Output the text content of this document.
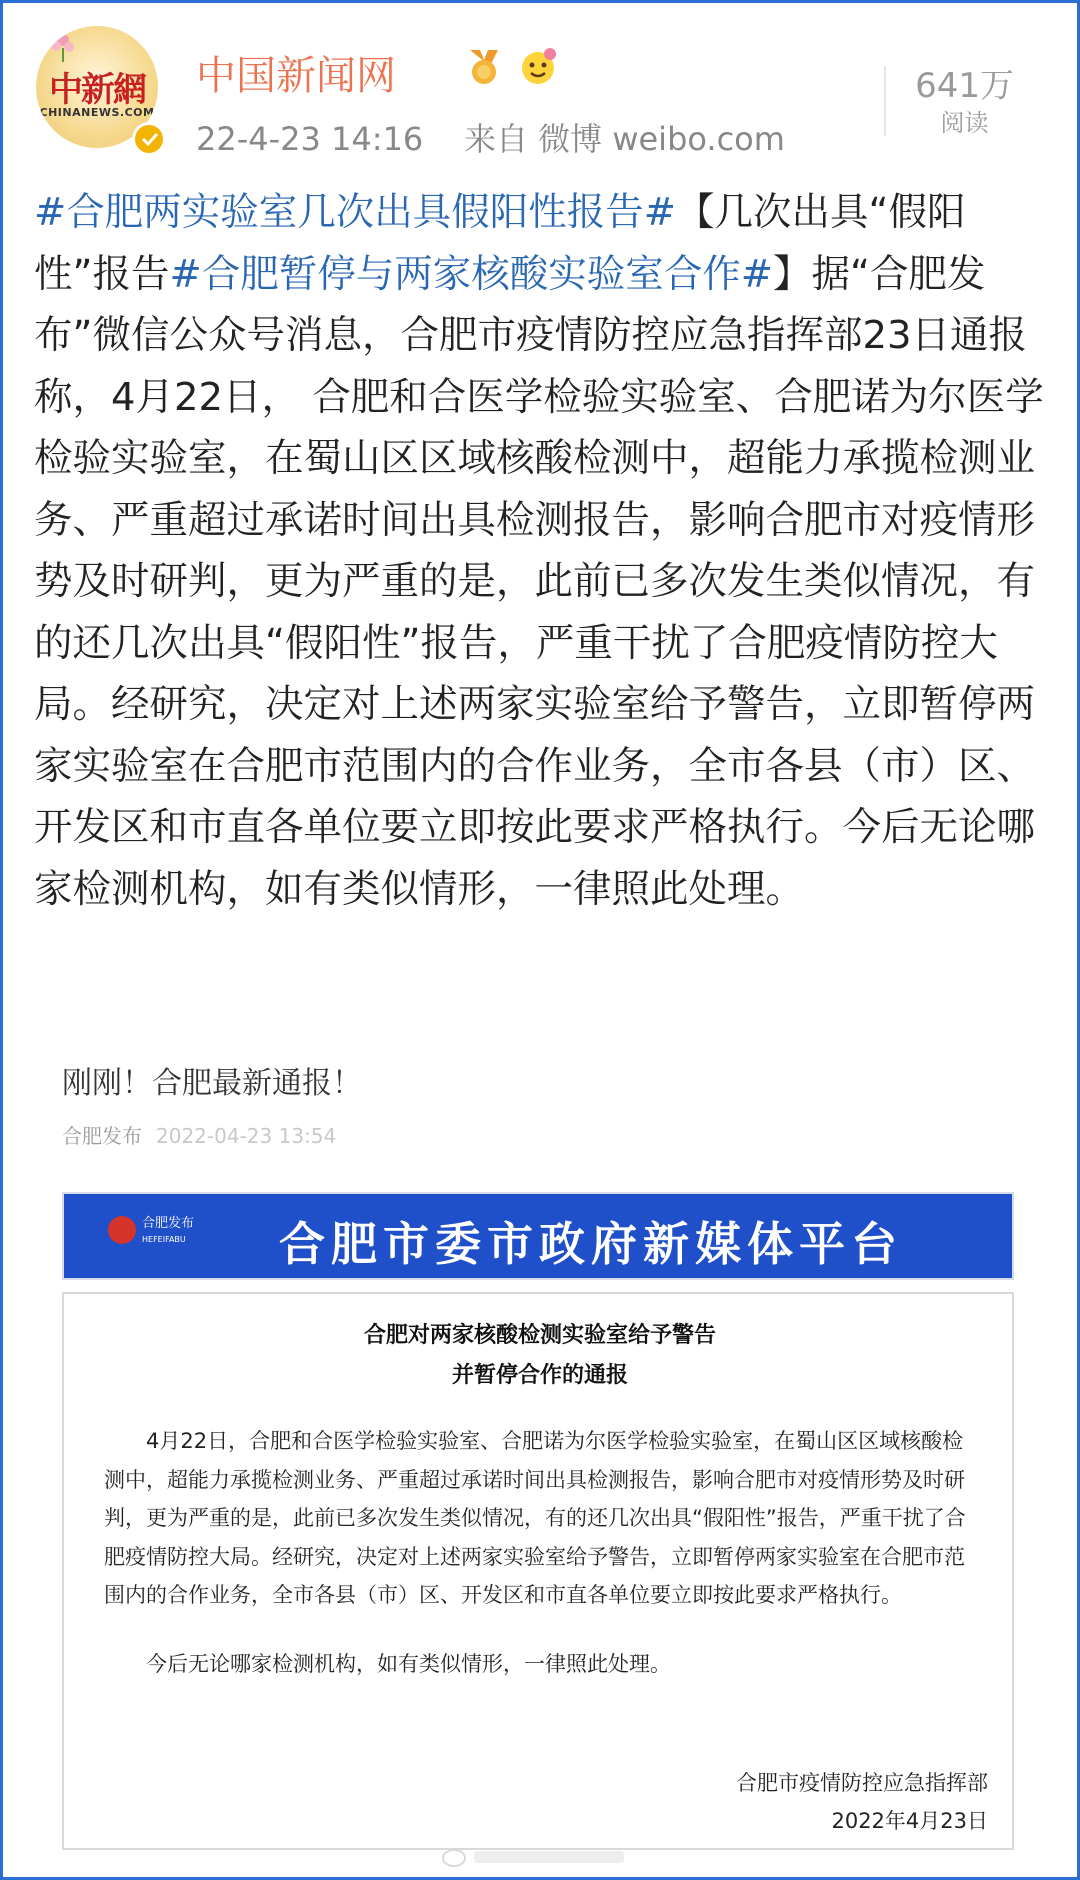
中新網
CHINANEWS.COM
中国新闻网
22-4-23 14:16 来自 微博 weibo.com
641万
阅读
#合肥两实验室几次出具假阳性报告#【几次出具“假阳性”报告#合肥暂停与两家核酸实验室合作#】据“合肥发布”微信公众号消息，合肥市疫情防控应急指挥部23日通报称，4月22日， 合肥和合医学检验实验室、合肥诺为尔医学检验实验室，在蜀山区区域核酸检测中，超能力承揽检测业务、严重超过承诺时间出具检测报告，影响合肥市对疫情形势及时研判，更为严重的是，此前已多次发生类似情况，有的还几次出具“假阳性”报告，严重干扰了合肥疫情防控大局。经研究，决定对上述两家实验室给予警告，立即暂停两家实验室在合肥市范围内的合作业务，全市各县（市）区、开发区和市直各单位要立即按此要求严格执行。今后无论哪家检测机构，如有类似情形，一律照此处理。
刚刚！合肥最新通报！
合肥发布 2022-04-23 13:54
合肥发布
HEFEIFABU 合肥市委市政府新媒体平台
合肥对两家核酸检测实验室给予警告
并暂停合作的通报

4月22日，合肥和合医学检验实验室、合肥诺为尔医学检验实验室，在蜀山区区域核酸检测中，超能力承揽检测业务、严重超过承诺时间出具检测报告，影响合肥市对疫情形势及时研判，更为严重的是，此前已多次发生类似情况，有的还几次出具“假阳性”报告，严重干扰了合肥疫情防控大局。经研究，决定对上述两家实验室给予警告，立即暂停两家实验室在合肥市范围内的合作业务，全市各县（市）区、开发区和市直各单位要立即按此要求严格执行。

今后无论哪家检测机构，如有类似情形，一律照此处理。

合肥市疫情防控应急指挥部
2022年4月23日
